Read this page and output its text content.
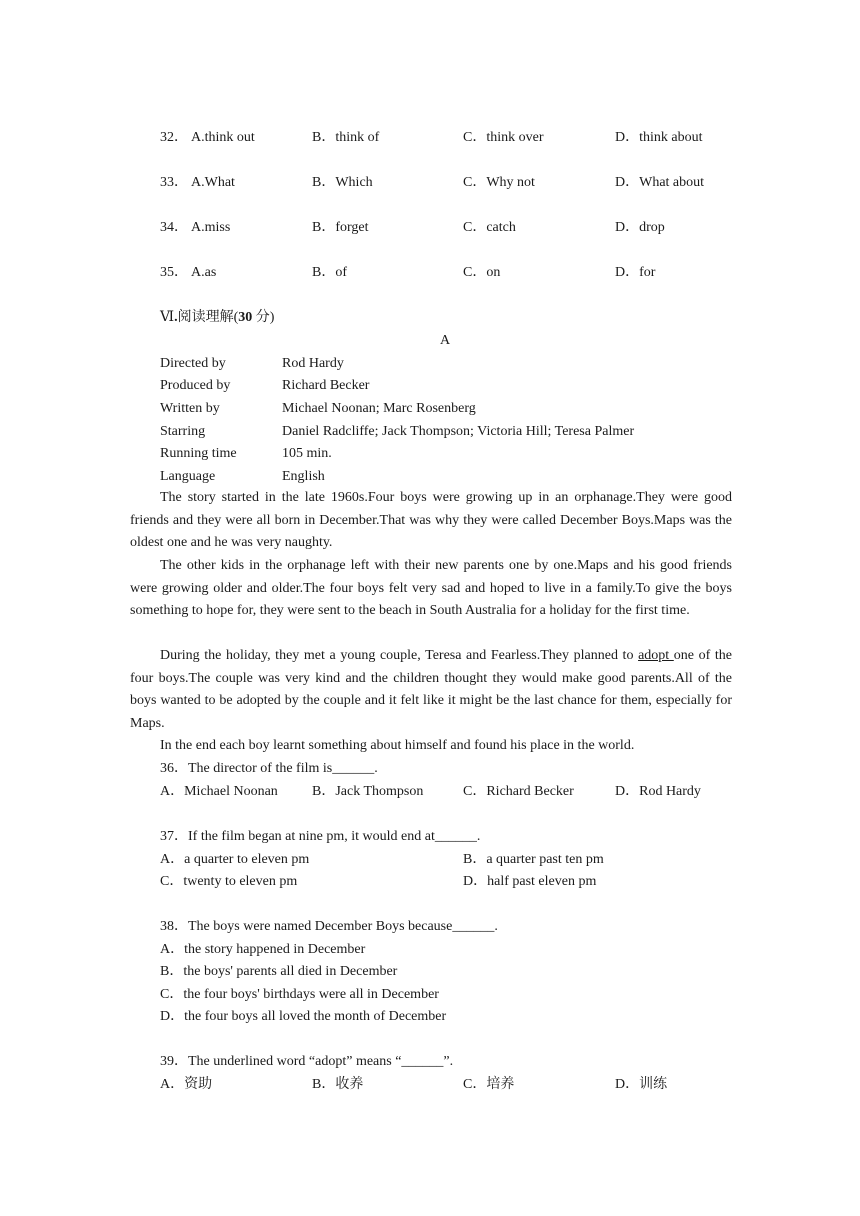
32． A.think out	B．think of	C．think over	D．think about
33． A.What	B．Which	C．Why not	D．What about
34． A.miss	B．forget	C．catch	D．drop
35． A.as	B．of	C．on	D．for
Ⅵ.阅读理解(30 分)
A
Directed by	Rod Hardy
Produced by	Richard Becker
Written by	Michael Noonan; Marc Rosenberg
Starring	Daniel Radcliffe; Jack Thompson; Victoria Hill; Teresa Palmer
Running time	105 min.
Language	English
The story started in the late 1960s.Four boys were growing up in an orphanage.They were good friends and they were all born in December.That was why they were called December Boys.Maps was the oldest one and he was very naughty.
The other kids in the orphanage left with their new parents one by one.Maps and his good friends were growing older and older.The four boys felt very sad and hoped to live in a family.To give the boys something to hope for, they were sent to the beach in South Australia for a holiday for the first time.
During the holiday, they met a young couple, Teresa and Fearless.They planned to adopt one of the four boys.The couple was very kind and the children thought they would make good parents.All of the boys wanted to be adopted by the couple and it felt like it might be the last chance for them, especially for Maps.
In the end each boy learnt something about himself and found his place in the world.
36．The director of the film is______.
A．Michael Noonan B．Jack Thompson	C．Richard Becker	D．Rod Hardy
37．If the film began at nine pm, it would end at______.
A．a quarter to eleven pm	B．a quarter past ten pm
C．twenty to eleven pm	D．half past eleven pm
38．The boys were named December Boys because______.
A．the story happened in December
B．the boys' parents all died in December
C．the four boys' birthdays were all in December
D．the four boys all loved the month of December
39．The underlined word “adopt” means “______”.
A．资助	B．收养	C．培养	D．训练
